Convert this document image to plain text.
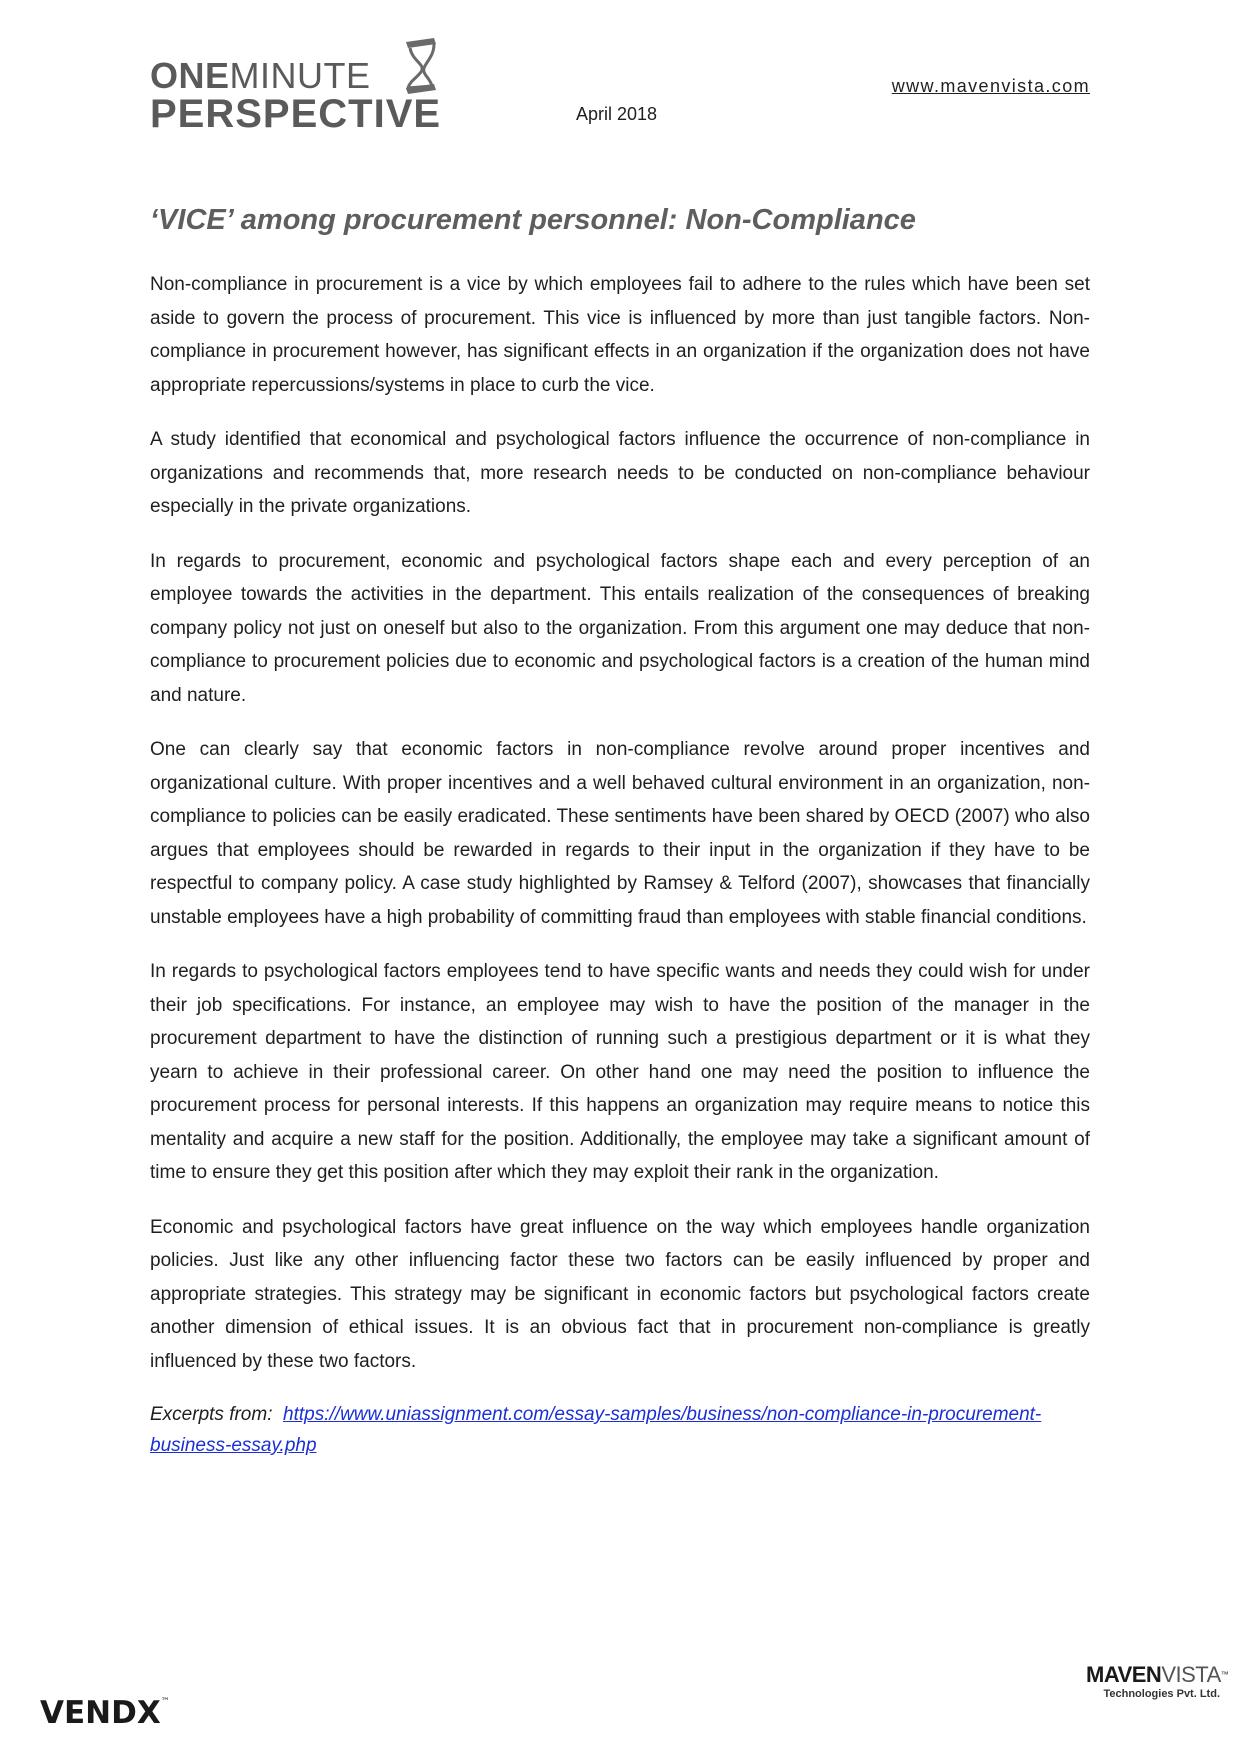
ONEMINUTE
PERSPECTIVE
www.mavenvista.com
April 2018
‘VICE’ among procurement personnel: Non-Compliance

Non-compliance in procurement is a vice by which employees fail to adhere to the rules which have been set aside to govern the process of procurement. This vice is influenced by more than just tangible factors. Non-compliance in procurement however, has significant effects in an organization if the organization does not have appropriate repercussions/systems in place to curb the vice.

A study identified that economical and psychological factors influence the occurrence of non-compliance in organizations and recommends that, more research needs to be conducted on non-compliance behaviour especially in the private organizations.

In regards to procurement, economic and psychological factors shape each and every perception of an employee towards the activities in the department. This entails realization of the consequences of breaking company policy not just on oneself but also to the organization. From this argument one may deduce that non-compliance to procurement policies due to economic and psychological factors is a creation of the human mind and nature.

One can clearly say that economic factors in non-compliance revolve around proper incentives and organizational culture. With proper incentives and a well behaved cultural environment in an organization, non-compliance to policies can be easily eradicated. These sentiments have been shared by OECD (2007) who also argues that employees should be rewarded in regards to their input in the organization if they have to be respectful to company policy. A case study highlighted by Ramsey & Telford (2007), showcases that financially unstable employees have a high probability of committing fraud than employees with stable financial conditions.

In regards to psychological factors employees tend to have specific wants and needs they could wish for under their job specifications. For instance, an employee may wish to have the position of the manager in the procurement department to have the distinction of running such a prestigious department or it is what they yearn to achieve in their professional career. On other hand one may need the position to influence the procurement process for personal interests. If this happens an organization may require means to notice this mentality and acquire a new staff for the position. Additionally, the employee may take a significant amount of time to ensure they get this position after which they may exploit their rank in the organization.

Economic and psychological factors have great influence on the way which employees handle organization policies. Just like any other influencing factor these two factors can be easily influenced by proper and appropriate strategies. This strategy may be significant in economic factors but psychological factors create another dimension of ethical issues. It is an obvious fact that in procurement non-compliance is greatly influenced by these two factors.

Excerpts from: https://www.uniassignment.com/essay-samples/business/non-compliance-in-procurement-business-essay.php
VENDX™
MAVENVISTA™
Technologies Pvt. Ltd.
